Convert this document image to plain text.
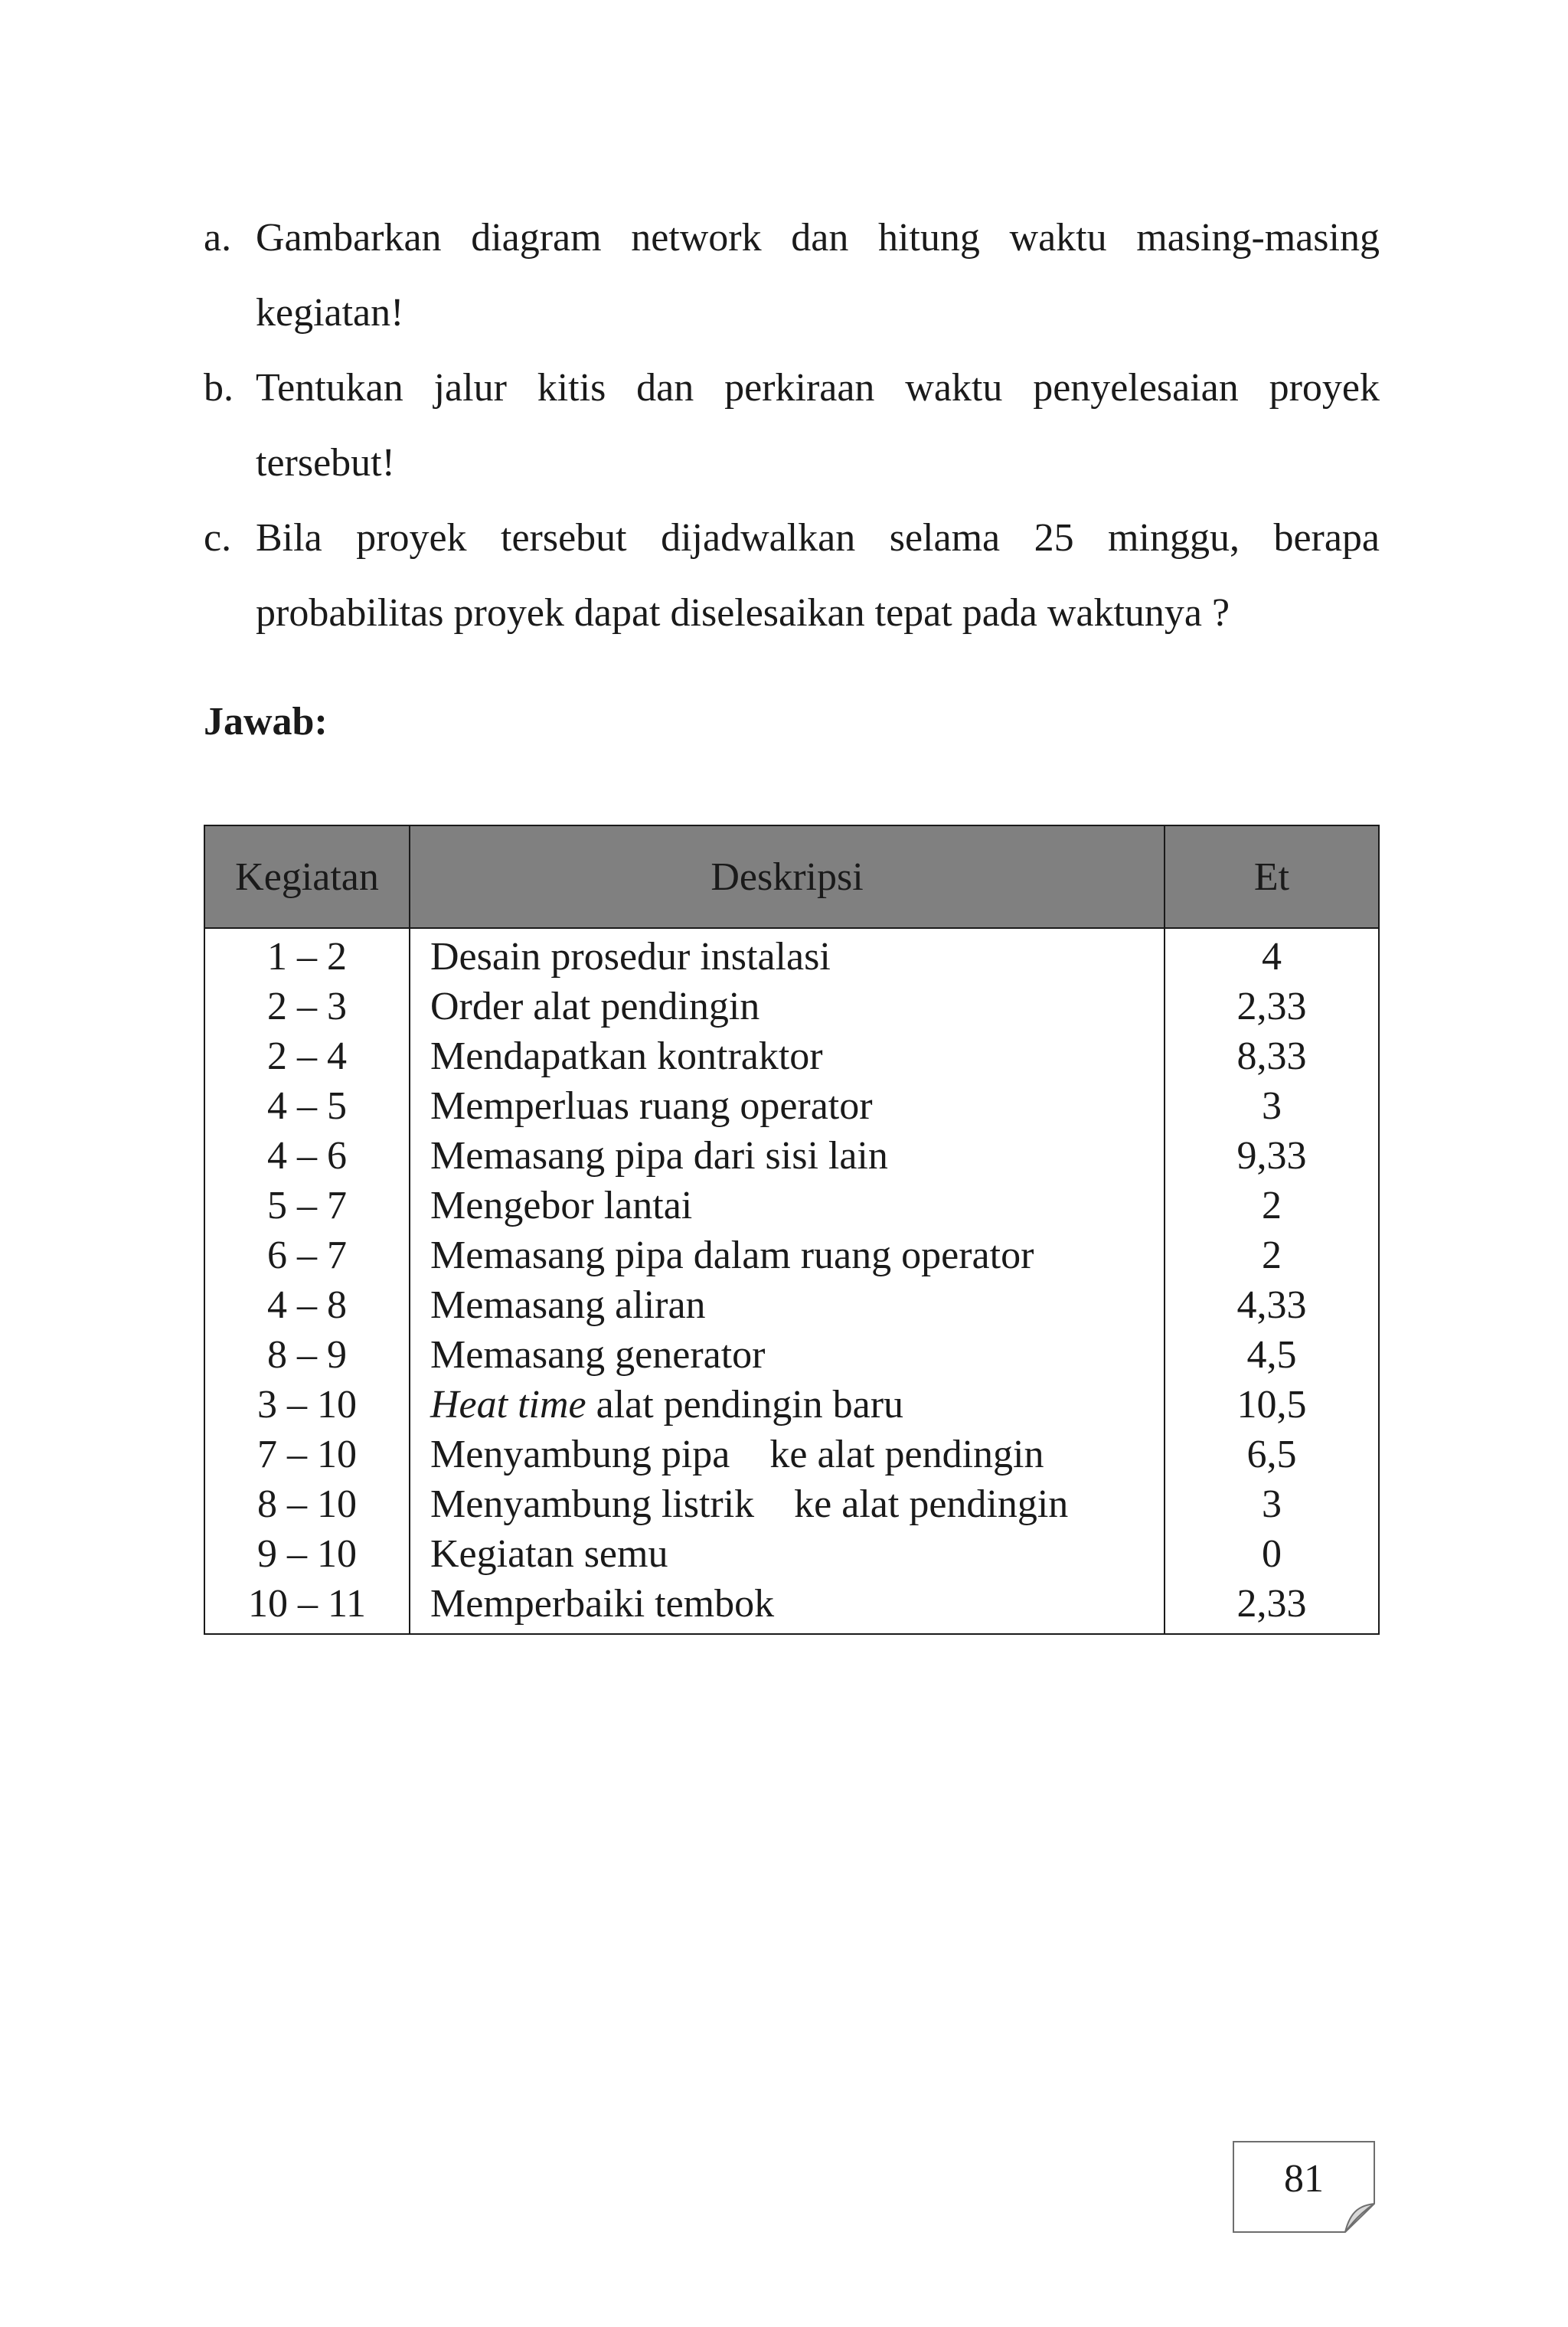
a. Gambarkan diagram network dan hitung waktu masing-masing kegiatan!
b. Tentukan jalur kitis dan perkiraan waktu penyelesaian proyek tersebut!
c. Bila proyek tersebut dijadwalkan selama 25 minggu, berapa probabilitas proyek dapat diselesaikan tepat pada waktunya ?

Jawab:

Kegiatan	Deskripsi	Et
1 – 2	Desain prosedur instalasi	4
2 – 3	Order alat pendingin	2,33
2 – 4	Mendapatkan kontraktor	8,33
4 – 5	Memperluas ruang operator	3
4 – 6	Memasang pipa dari sisi lain	9,33
5 – 7	Mengebor lantai	2
6 – 7	Memasang pipa dalam ruang operator	2
4 – 8	Memasang aliran	4,33
8 – 9	Memasang generator	4,5
3 – 10	Heat time alat pendingin baru	10,5
7 – 10	Menyambung pipa    ke alat pendingin	6,5
8 – 10	Menyambung listrik    ke alat pendingin	3
9 – 10	Kegiatan semu	0
10 – 11	Memperbaiki tembok	2,33
81
